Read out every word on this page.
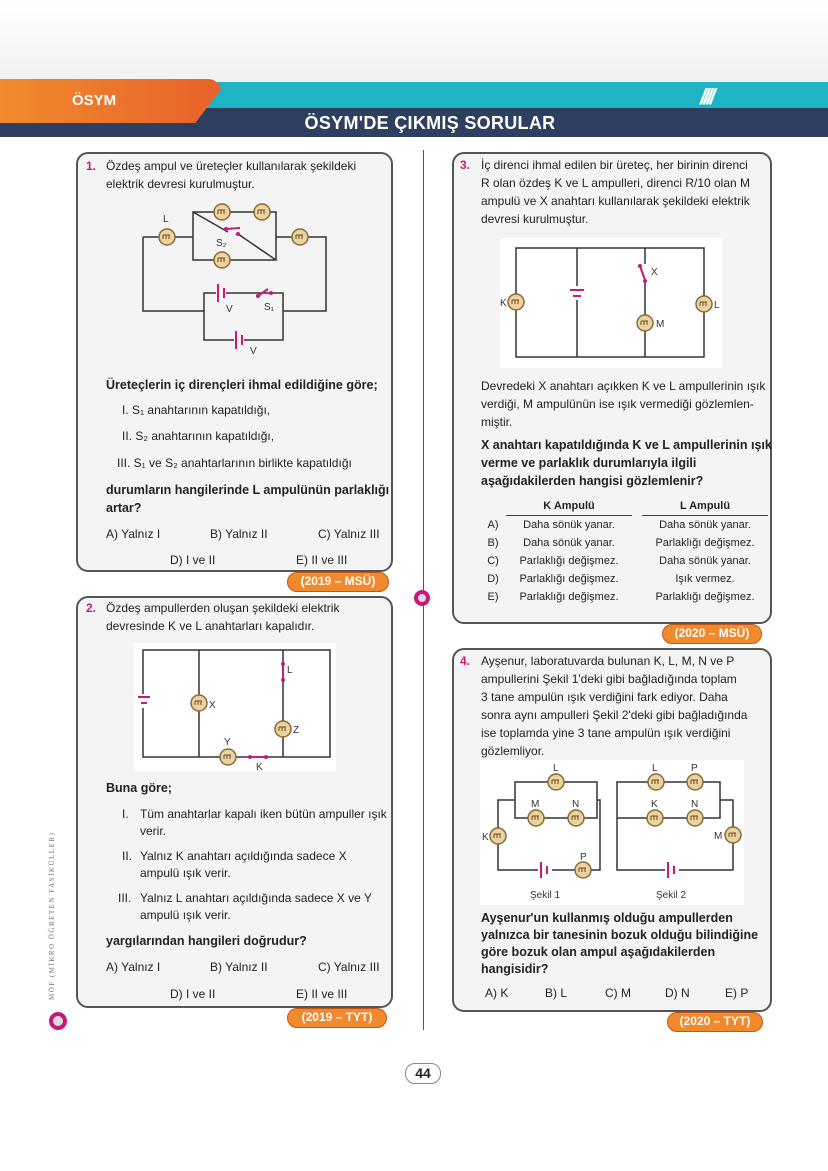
ÖSYM
ÖSYM'DE ÇIKMIŞ SORULAR
////
1. Özdeş ampul ve üreteçler kullanılarak şekildeki
elektrik devresi kurulmuştur.
Üreteçlerin iç dirençleri ihmal edildiğine göre;
I. S₁ anahtarının kapatıldığı,
II. S₂ anahtarının kapatıldığı,
III. S₁ ve S₂ anahtarlarının birlikte kapatıldığı
durumların hangilerinde L ampulünün parlaklığı
artar?
A) Yalnız I	B) Yalnız II	C) Yalnız III
D) I ve II	E) II ve III
(2019 – MSÜ)
2. Özdeş ampullerden oluşan şekildeki elektrik
devresinde K ve L anahtarları kapalıdır.
Buna göre;
I. Tüm anahtarlar kapalı iken bütün ampuller ışık
verir.
II. Yalnız K anahtarı açıldığında sadece X
ampulü ışık verir.
III. Yalnız L anahtarı açıldığında sadece X ve Y
ampulü ışık verir.
yargılarından hangileri doğrudur?
A) Yalnız I	B) Yalnız II	C) Yalnız III
D) I ve II	E) II ve III
(2019 – TYT)
3. İç direnci ihmal edilen bir üreteç, her birinin direnci
R olan özdeş K ve L ampulleri, direnci R/10 olan M
ampulü ve X anahtarı kullanılarak şekildeki elektrik
devresi kurulmuştur.
Devredeki X anahtarı açıkken K ve L ampullerinin ışık
verdiği, M ampulünün ise ışık vermediği gözlemlen-
miştir.
X anahtarı kapatıldığında K ve L ampullerinin ışık
verme ve parlaklık durumlarıyla ilgili
aşağıdakilerden hangisi gözlemlenir?
	K Ampulü		L Ampulü
A)	Daha sönük yanar.		Daha sönük yanar.
B)	Daha sönük yanar.		Parlaklığı değişmez.
C)	Parlaklığı değişmez.		Daha sönük yanar.
D)	Parlaklığı değişmez.		Işık vermez.
E)	Parlaklığı değişmez.		Parlaklığı değişmez.
(2020 – MSÜ)
4. Ayşenur, laboratuvarda bulunan K, L, M, N ve P
ampullerini Şekil 1'deki gibi bağladığında toplam
3 tane ampulün ışık verdiğini fark ediyor. Daha
sonra aynı ampulleri Şekil 2'deki gibi bağladığında
ise toplamda yine 3 tane ampulün ışık verdiğini
gözlemliyor.
Ayşenur'un kullanmış olduğu ampullerden
yalnızca bir tanesinin bozuk olduğu bilindiğine
göre bozuk olan ampul aşağıdakilerden
hangisidir?
A) K	B) L	C) M	D) N	E) P
(2020 – TYT)
MÖF (MİKRO ÖĞRETEN FASİKÜLLER)
44
L
S₂
S₁
V
V
X
Z
Y
K
L
K	L
M
X
L
M	N
K
P
Şekil 1
L	P
K	N
M
Şekil 2
